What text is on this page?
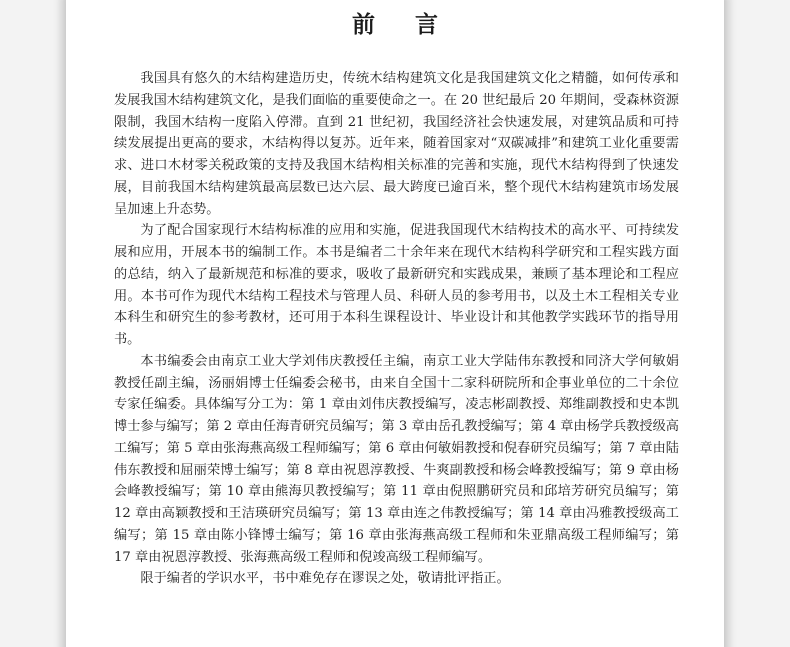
前言

我国具有悠久的木结构建造历史，传统木结构建筑文化是我国建筑文化之精髓，如何传承和发展我国木结构建筑文化，是我们面临的重要使命之一。在 20 世纪最后 20 年期间，受森林资源限制，我国木结构一度陷入停滞。直到 21 世纪初，我国经济社会快速发展，对建筑品质和可持续发展提出更高的要求，木结构得以复苏。近年来，随着国家对“双碳减排”和建筑工业化重要需求、进口木材零关税政策的支持及我国木结构相关标准的完善和实施，现代木结构得到了快速发展，目前我国木结构建筑最高层数已达六层、最大跨度已逾百米，整个现代木结构建筑市场发展呈加速上升态势。

为了配合国家现行木结构标准的应用和实施，促进我国现代木结构技术的高水平、可持续发展和应用，开展本书的编制工作。本书是编者二十余年来在现代木结构科学研究和工程实践方面的总结，纳入了最新规范和标准的要求，吸收了最新研究和实践成果，兼顾了基本理论和工程应用。本书可作为现代木结构工程技术与管理人员、科研人员的参考用书，以及土木工程相关专业本科生和研究生的参考教材，还可用于本科生课程设计、毕业设计和其他教学实践环节的指导用书。

本书编委会由南京工业大学刘伟庆教授任主编，南京工业大学陆伟东教授和同济大学何敏娟教授任副主编，汤丽娟博士任编委会秘书，由来自全国十二家科研院所和企事业单位的二十余位专家任编委。具体编写分工为：第 1 章由刘伟庆教授编写，凌志彬副教授、郑维副教授和史本凯博士参与编写；第 2 章由任海青研究员编写；第 3 章由岳孔教授编写；第 4 章由杨学兵教授级高工编写；第 5 章由张海燕高级工程师编写；第 6 章由何敏娟教授和倪春研究员编写；第 7 章由陆伟东教授和屈丽荣博士编写；第 8 章由祝恩淳教授、牛爽副教授和杨会峰教授编写；第 9 章由杨会峰教授编写；第 10 章由熊海贝教授编写；第 11 章由倪照鹏研究员和邱培芳研究员编写；第 12 章由高颖教授和王洁瑛研究员编写；第 13 章由连之伟教授编写；第 14 章由冯雅教授级高工编写；第 15 章由陈小锋博士编写；第 16 章由张海燕高级工程师和朱亚鼎高级工程师编写；第 17 章由祝恩淳教授、张海燕高级工程师和倪竣高级工程师编写。

限于编者的学识水平，书中难免存在谬误之处，敬请批评指正。
